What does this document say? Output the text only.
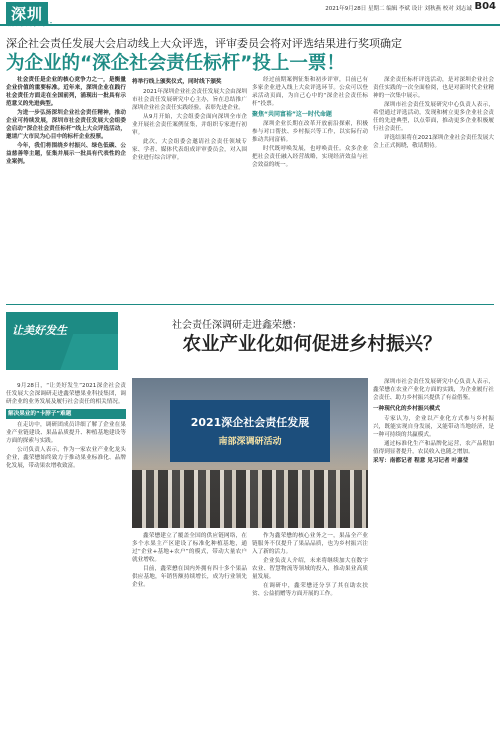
深圳	2021年9月28日 星期二 编辑 李斌 设计 刘秋燕 校对 刘志诚 B04
深企社会责任发展大会启动线上大众评选，评审委员会将对评选结果进行奖项确定
为企业的“深企社会责任标杆”投上一票！

社会责任是企业的核心竞争力之一，是衡量企业价值的重要标准。近年来，深圳企业在践行社会责任方面走在全国前列，涌现出一批具有示范意义的先进典型。

为进一步弘扬深圳企业社会责任精神，推动企业可持续发展，深圳市社会责任发展大会组委会启动“深企社会责任标杆”线上大众评选活动，邀请广大市民为心目中的标杆企业投票。

今年，我们将围绕乡村振兴、绿色低碳、公益慈善等主题，征集并展示一批具有代表性的企业案例。

将举行线上颁奖仪式，同时线下颁奖

2021年深圳企业社会责任发展大会由深圳市社会责任发展研究中心主办，旨在总结推广深圳企业社会责任实践经验，表彰先进企业。

从9月开始，大会组委会面向深圳全市企业开展社会责任案例征集，并组织专家进行初审。

此次，大会组委会邀请社会责任领域专家、学者、媒体代表组成评审委员会，对入围企业进行综合评审。

经过前期案例征集和初步评审，目前已有多家企业进入线上大众评选环节。公众可以登录活动页面，为自己心中的“深企社会责任标杆”投票。

聚焦“共同富裕”这一时代命题

深圳企业长期在改革开放前沿探索，积极参与对口帮扶、乡村振兴等工作，以实际行动推动共同富裕。

时代既呼唤发展，也呼唤责任。众多企业把社会责任融入经营战略，实现经济效益与社会效益的统一。

深企责任标杆评选活动，是对深圳企业社会责任实践的一次全面检阅，也是对新时代企业精神的一次集中展示。

深圳市社会责任发展研究中心负责人表示，希望通过评选活动，发现和树立更多企业社会责任的先进典型，以点带面，推动更多企业积极履行社会责任。

评选结果将在2021深圳企业社会责任发展大会上正式揭晓，敬请期待。

让美好发生	社会责任深调研走进鑫荣懋：
农业产业化如何促进乡村振兴？
2021深企社会责任发展
南部深调研活动

9月28日，“让美好发生”2021深企社会责任发展大会深调研走进鑫荣懋果业科技集团，调研企业的业务发展及履行社会责任的相关情况。

解决果业的“卡脖子”难题

在走访中，调研团成员详细了解了企业在果业产业链建设、果品品质提升、种植基地建设等方面的探索与实践。

公司负责人表示，作为一家农业产业化龙头企业，鑫荣懋始终致力于推动果业标准化、品牌化发展，带动果农增收致富。

鑫荣懋建立了覆盖全国的供应链网络，在多个水果主产区建设了标准化种植基地，通过“企业+基地+农户”的模式，带动大量农户就业增收。

目前，鑫荣懋在国内外拥有四十多个果品供应基地，年销售额持续增长，成为行业领先企业。

作为鑫荣懋的核心业务之一，果品全产业链服务不仅提升了果品品质，也为乡村振兴注入了新的活力。

企业负责人介绍，未来将继续加大在数字农业、智慧物流等领域的投入，推动果业高质量发展。

在调研中，鑫荣懋还分享了其在助农扶贫、公益捐赠等方面开展的工作。

深圳市社会责任发展研究中心负责人表示，鑫荣懋在农业产业化方面的实践，为企业履行社会责任、助力乡村振兴提供了有益借鉴。

一种现代化的乡村振兴模式

专家认为，企业以产业化方式参与乡村振兴，既能实现自身发展，又能带动当地经济，是一种可持续的共赢模式。

通过标准化生产和品牌化运营，农产品附加值得到显著提升，农民收入也随之增加。

采写：南都记者 程意 见习记者 叶嘉莹
